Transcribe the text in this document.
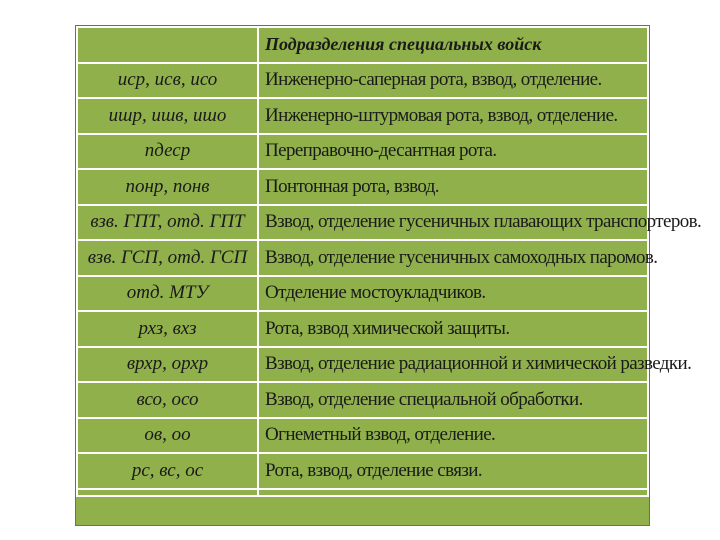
	Подразделения специальных войск
иср, исв, исо	Инженерно-саперная рота, взвод, отделение.
ишр, ишв, ишо	Инженерно-штурмовая рота, взвод, отделение.
пдеср	Переправочно-десантная рота.
понр, понв	Понтонная рота, взвод.
взв. ГПТ, отд. ГПТ	Взвод, отделение гусеничных плавающих транспортеров.
взв. ГСП, отд. ГСП	Взвод, отделение гусеничных самоходных паромов.
отд. МТУ	Отделение мостоукладчиков.
рхз, вхз	Рота, взвод химической защиты.
врхр, орхр	Взвод, отделение радиационной и химической разведки.
всо, осо	Взвод, отделение специальной обработки.
ов, оо	Огнеметный взвод, отделение.
рс, вс, ос	Рота, взвод, отделение связи.
